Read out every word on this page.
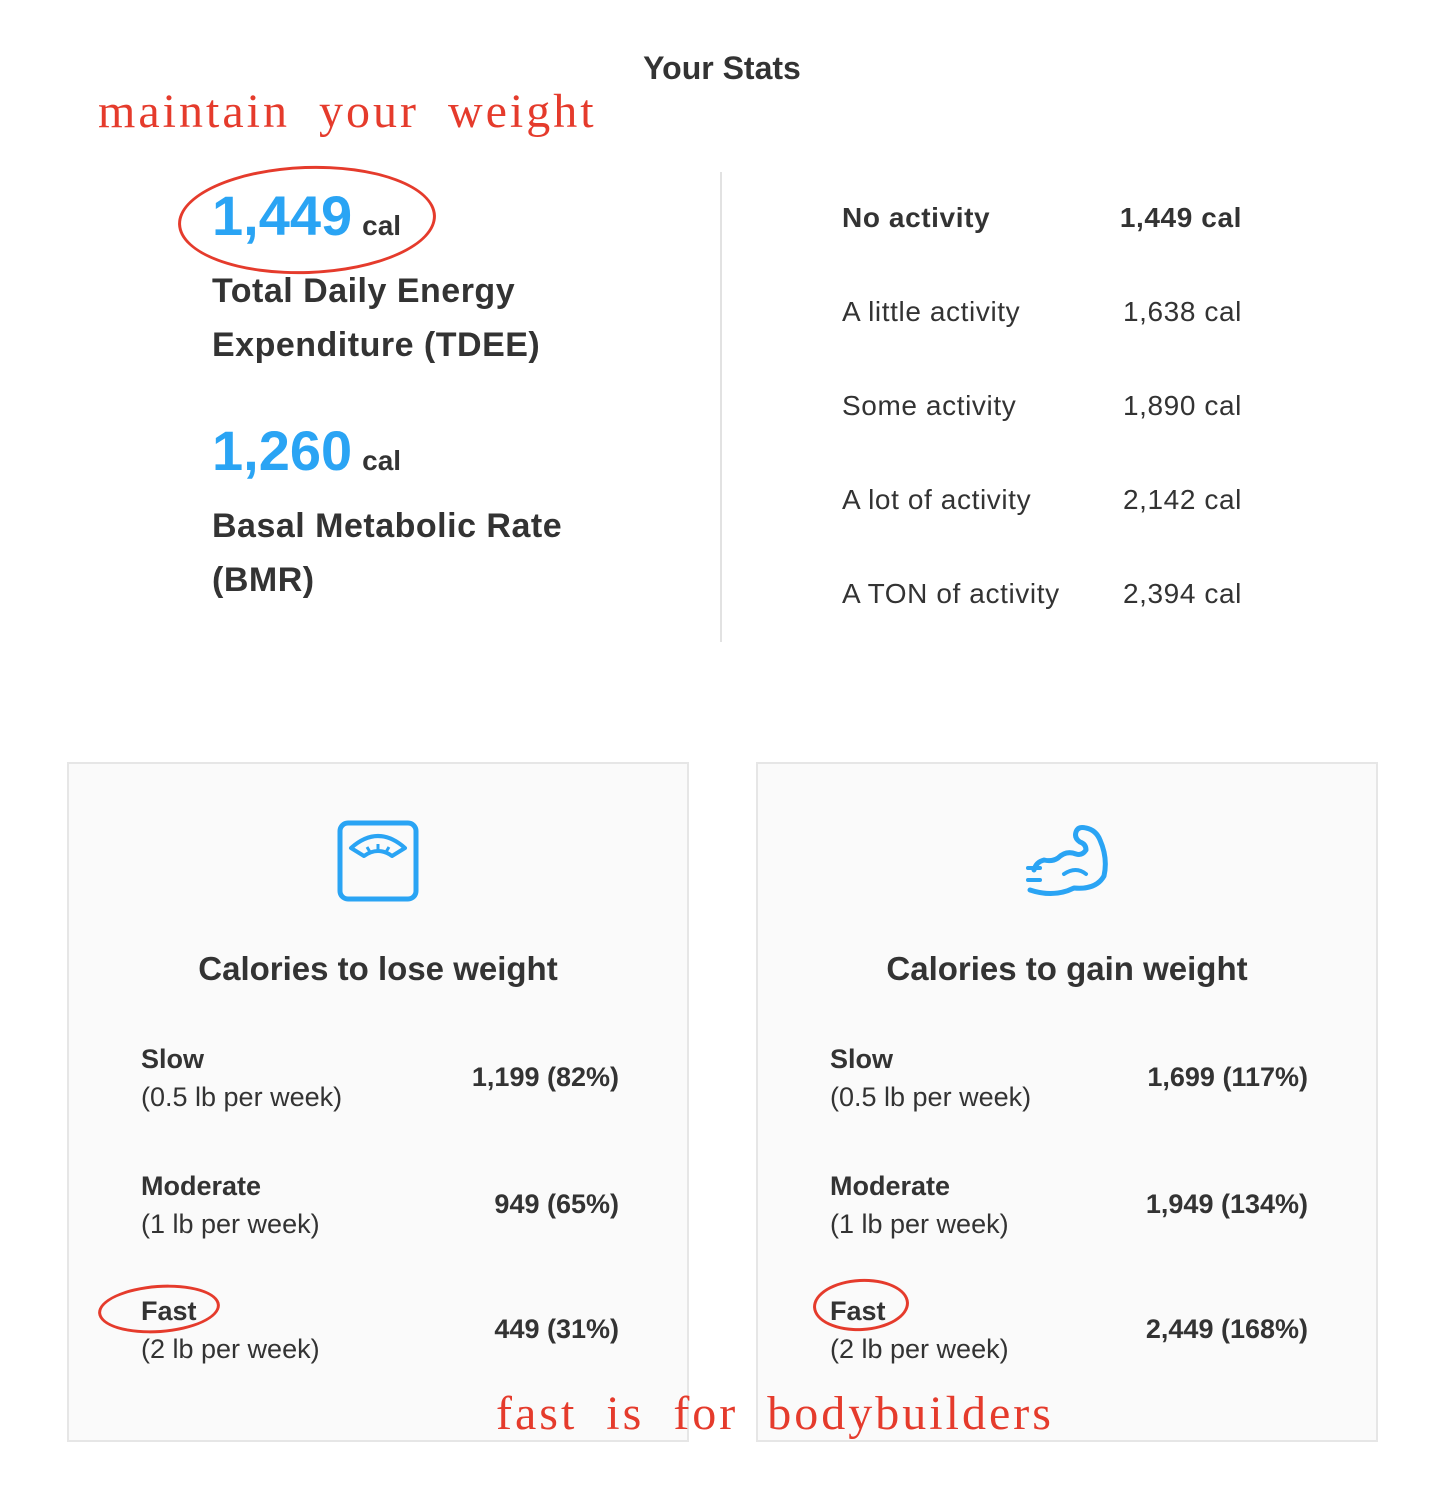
Your Stats
maintain your weight
1,449 cal
Total Daily Energy Expenditure (TDEE)
1,260 cal
Basal Metabolic Rate (BMR)
No activity	1,449 cal
A little activity	1,638 cal
Some activity	1,890 cal
A lot of activity	2,142 cal
A TON of activity 2,394 cal
Calories to lose weight
Slow
(0.5 lb per week)
1,199 (82%)
Moderate
(1 lb per week)
949 (65%)
Fast
(2 lb per week)
449 (31%)
Calories to gain weight
Slow
(0.5 lb per week)
1,699 (117%)
Moderate
(1 lb per week)
1,949 (134%)
Fast
(2 lb per week)
2,449 (168%)
fast is for bodybuilders
